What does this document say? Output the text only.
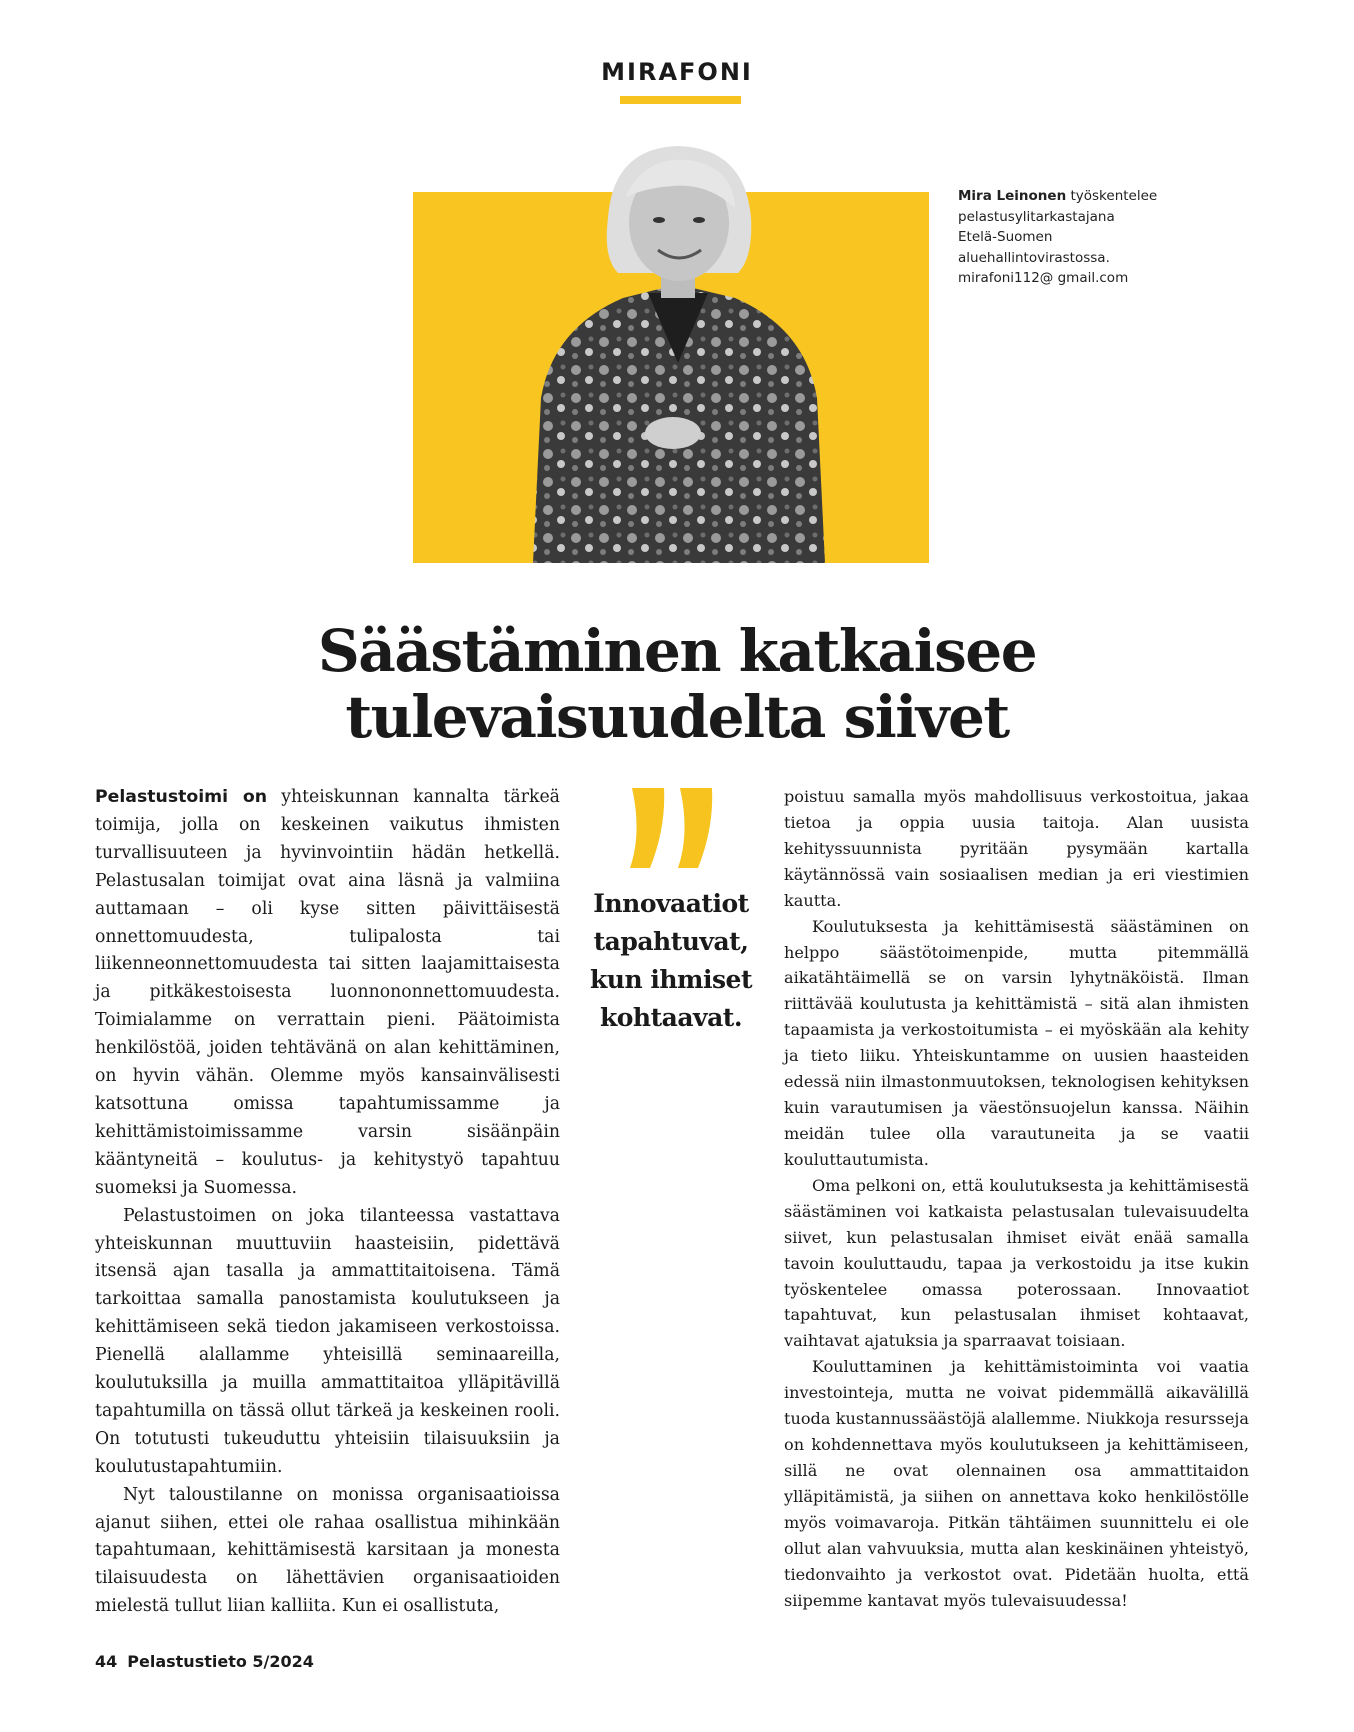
MIRAFONI
Mira Leinonen työskentelee pelastusylitarkastajana Etelä-Suomen aluehallintovirastossa. mirafoni112@ gmail.com
Säästäminen katkaisee
tulevaisuudelta siivet

Pelastustoimi on yhteiskunnan kannalta tärkeä toimija, jolla on keskeinen vaikutus ihmisten turvallisuuteen ja hyvinvointiin hädän hetkellä. Pelastusalan toimijat ovat aina läsnä ja valmiina auttamaan – oli kyse sitten päivittäisestä onnettomuudesta, tulipalosta tai liikenneonnettomuudesta tai sitten laajamittaisesta ja pitkäkestoisesta luonnononnettomuudesta. Toimialamme on verrattain pieni. Päätoimista henkilöstöä, joiden tehtävänä on alan kehittäminen, on hyvin vähän. Olemme myös kansainvälisesti katsottuna omissa tapahtumissamme ja kehittämistoimissamme varsin sisäänpäin kääntyneitä – koulutus- ja kehitystyö tapahtuu suomeksi ja Suomessa.

Pelastustoimen on joka tilanteessa vastattava yhteiskunnan muuttuviin haasteisiin, pidettävä itsensä ajan tasalla ja ammattitaitoisena. Tämä tarkoittaa samalla panostamista koulutukseen ja kehittämiseen sekä tiedon jakamiseen verkostoissa. Pienellä alallamme yhteisillä seminaareilla, koulutuksilla ja muilla ammattitaitoa ylläpitävillä tapahtumilla on tässä ollut tärkeä ja keskeinen rooli. On totutusti tukeuduttu yhteisiin tilaisuuksiin ja koulutustapahtumiin.

Nyt taloustilanne on monissa organisaatioissa ajanut siihen, ettei ole rahaa osallistua mihinkään tapahtumaan, kehittämisestä karsitaan ja monesta tilaisuudesta on lähettävien organisaatioiden mielestä tullut liian kalliita. Kun ei osallistuta,

Innovaatiot
tapahtuvat,
kun ihmiset
kohtaavat.

poistuu samalla myös mahdollisuus verkostoitua, jakaa tietoa ja oppia uusia taitoja. Alan uusista kehityssuunnista pyritään pysymään kartalla käytännössä vain sosiaalisen median ja eri viestimien kautta.

Koulutuksesta ja kehittämisestä säästäminen on helppo säästötoimenpide, mutta pitemmällä aikatähtäimellä se on varsin lyhytnäköistä. Ilman riittävää koulutusta ja kehittämistä – sitä alan ihmisten tapaamista ja verkostoitumista – ei myöskään ala kehity ja tieto liiku. Yhteiskuntamme on uusien haasteiden edessä niin ilmastonmuutoksen, teknologisen kehityksen kuin varautumisen ja väestönsuojelun kanssa. Näihin meidän tulee olla varautuneita ja se vaatii kouluttautumista.

Oma pelkoni on, että koulutuksesta ja kehittämisestä säästäminen voi katkaista pelastusalan tulevaisuudelta siivet, kun pelastusalan ihmiset eivät enää samalla tavoin kouluttaudu, tapaa ja verkostoidu ja itse kukin työskentelee omassa poterossaan. Innovaatiot tapahtuvat, kun pelastusalan ihmiset kohtaavat, vaihtavat ajatuksia ja sparraavat toisiaan.

Kouluttaminen ja kehittämistoiminta voi vaatia investointeja, mutta ne voivat pidemmällä aikavälillä tuoda kustannussäästöjä alallemme. Niukkoja resursseja on kohdennettava myös koulutukseen ja kehittämiseen, sillä ne ovat olennainen osa ammattitaidon ylläpitämistä, ja siihen on annettava koko henkilöstölle myös voimavaroja. Pitkän tähtäimen suunnittelu ei ole ollut alan vahvuuksia, mutta alan keskinäinen yhteistyö, tiedonvaihto ja verkostot ovat. Pidetään huolta, että siipemme kantavat myös tulevaisuudessa!

44 Pelastustieto 5/2024
